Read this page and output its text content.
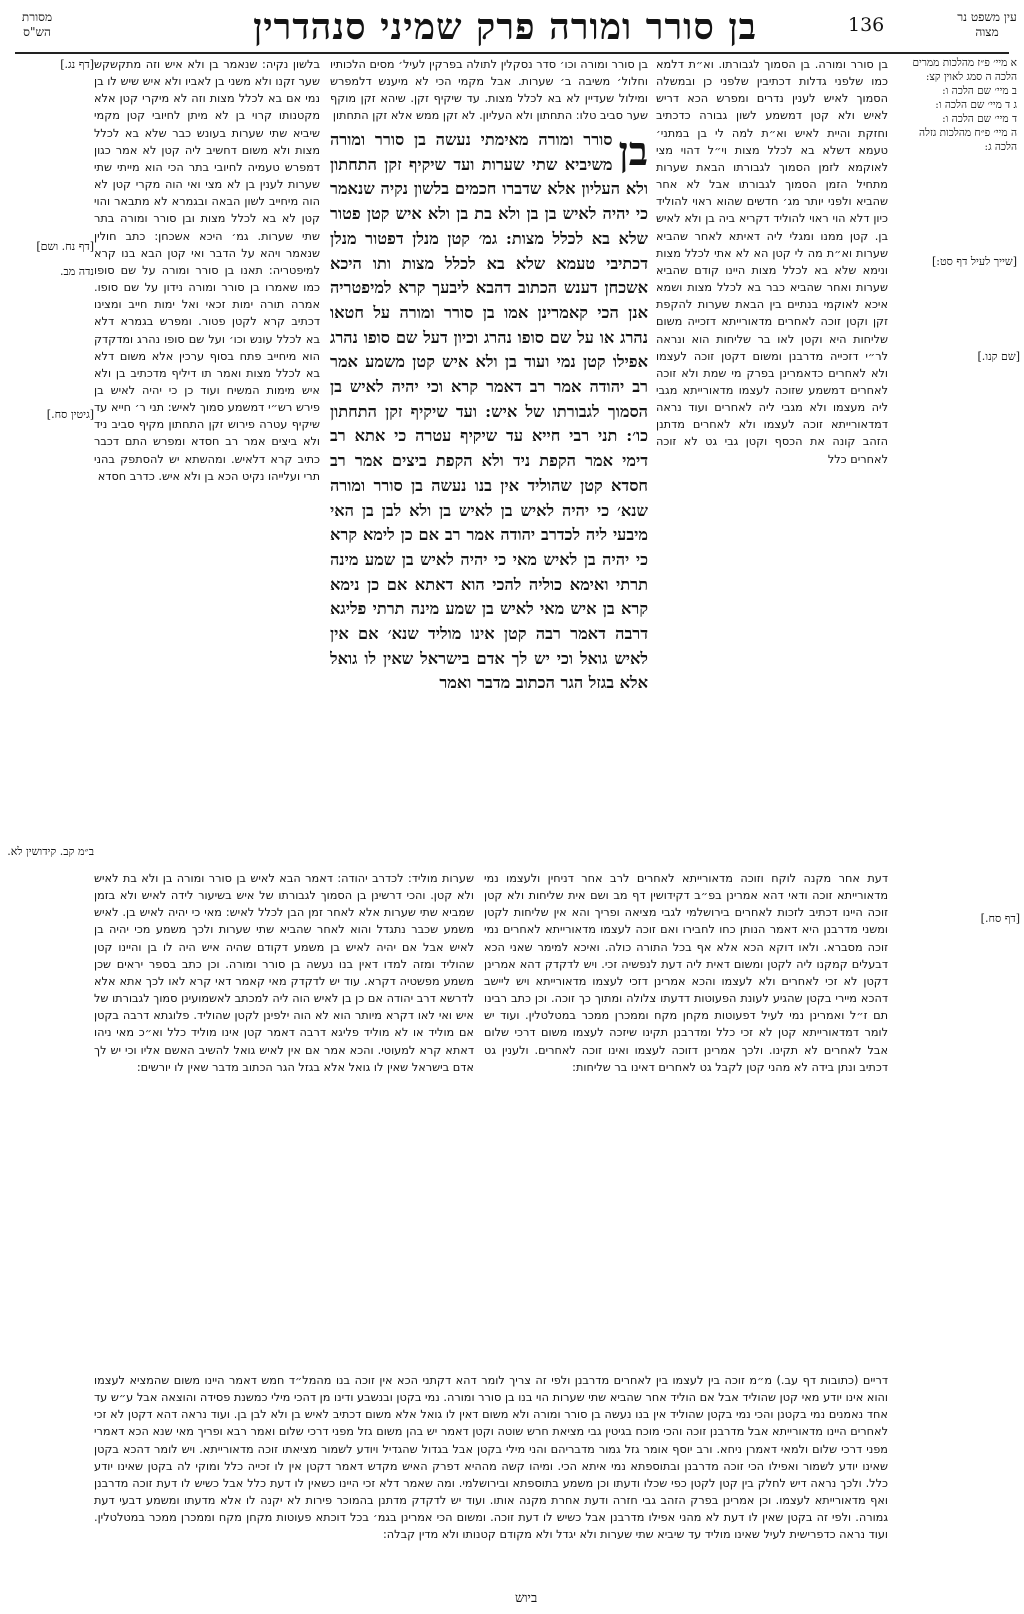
מסורת הש"ס	בן סורר ומורה פרק שמיני סנהדרין	136	עין משפט נר מצוה
א מיי׳ פ״ז מהלכות ממרים הלכה ה סמג לאוין קצ:
ב מיי׳ שם הלכה ו:
ג ד מיי׳ שם הלכה ו:
ד מיי׳ שם הלכה ו:
ה מיי׳ פ״ח מהלכות גזלה הלכה ג:
[שייך לעיל דף סט:]
[דף נג.]
נדה מב.
[גיטין סח.]
ב״מ קב. קידושין לא.
[דף סח.]
[שם קנו.]
[דף נח. ושם]
בן סורר ומורה. בן הסמוך לגבורתו. וא״ת דלמא כמו שלפני גדלות דכתיבין שלפני כן ובמשלה הסמוך לאיש לענין נדרים ומפרש הכא דריש לאיש ולא קטן דמשמע לשון גבורה כדכתיב וחזקת והיית לאיש וא״ת למה לי בן במתני׳ טעמא דשלא בא לכלל מצות וי״ל דהוי מצי לאוקמא לזמן הסמוך לגבורתו הבאת שערות מתחיל הזמן הסמוך לגבורתו אבל לא אחר שהביא ולפני יותר מג׳ חדשים שהוא ראוי להוליד כיון דלא הוי ראוי להוליד דקריא ביה בן ולא לאיש בן. קטן ממנו ומגלי ליה דאיתא לאחר שהביא שערות וא״ת מה לי קטן הא לא אתי לכלל מצות ונימא שלא בא לכלל מצות היינו קודם שהביא שערות ואחר שהביא כבר בא לכלל מצות ושמא איכא לאוקמי בנתיים בין הבאת שערות להקפת זקן וקטן זוכה לאחרים מדאורייתא דזכייה משום שליחות היא וקטן לאו בר שליחות הוא ונראה לר״י דזכייה מדרבנן ומשום דקטן זוכה לעצמו ולא לאחרים כדאמרינן בפרק מי שמת ולא זוכה לאחרים דמשמע שזוכה לעצמו מדאורייתא מגבי ליה מעצמו ולא מגבי ליה לאחרים ועוד נראה דמדאורייתא זוכה לעצמו ולא לאחרים מדתנן הזהב קונה את הכסף וקטן גבי גט לא זוכה לאחרים כלל
בן סורר ומורה וכו׳ סדר נסקלין לתולה בפרקין לעיל׳ מסים הלכותיו וחלול׳ משיבה ב׳ שערות. אבל מקמי הכי לא מיענש דלמפרש ומילול שעדיין לא בא לכלל מצות. עד שיקיף זקן. שיהא זקן מוקף שער סביב טלו: התחתון ולא העליון. לא זקן ממש אלא זקן התחתון
בן
סורר ומורה מאימתי נעשה בן סורר ומורה משיביא שתי שערות ועד שיקיף זקן התחתון ולא העליון אלא שדברו חכמים בלשון נקיה שנאמר כי יהיה לאיש בן בן ולא בת בן ולא איש קטן פטור שלא בא לכלל מצות: גמ׳ קטן מנלן דפטור מנלן דכתיבי טעמא שלא בא לכלל מצות ותו היכא אשכחן דענש הכתוב דהבא ליבעך קרא למיפטריה אנן הכי קאמרינן אמו בן סורר ומורה על חטאו נהרג או על שם סופו נהרג וכיון דעל שם סופו נהרג אפילו קטן נמי ועוד בן ולא איש קטן משמע אמר רב יהודה אמר רב דאמר קרא וכי יהיה לאיש בן הסמוך לגבורתו של איש: ועד שיקיף זקן התחתון כו׳: תני רבי חייא עד שיקיף עטרה כי אתא רב דימי אמר הקפת ניד ולא הקפת ביצים אמר רב חסדא קטן שהוליד אין בנו נעשה בן סורר ומורה שנא׳ כי יהיה לאיש בן לאיש בן ולא לבן בן האי מיבעי ליה לכדרב יהודה אמר רב אם כן לימא קרא כי יהיה בן לאיש מאי כי יהיה לאיש בן שמע מינה תרתי ואימא כוליה להכי הוא דאתא אם כן נימא קרא בן איש מאי לאיש בן שמע מינה תרתי פליגא דרבה דאמר רבה קטן אינו מוליד שנא׳ אם אין לאיש גואל וכי יש לך אדם בישראל שאין לו גואל אלא בגזל הגר הכתוב מדבר ואמר
בלשון נקיה: שנאמר בן ולא איש וזה מתקשקש שער זקנו ולא משני בן לאביו ולא איש שיש לו בן נמי אם בא לכלל מצות וזה לא מיקרי קטן אלא מקטנותו קרוי בן לא מיתן לחיובי קטן מקמי שיביא שתי שערות בעונש כבר שלא בא לכלל מצות ולא משום דחשיב ליה קטן לא אמר כגון דמפרש טעמיה לחיובי בתר הכי הוא מייתי שתי שערות לענין בן לא מצי ואי הוה מקרי קטן לא הוה מיחייב לשון הבאה ובגמרא לא מתבאר והוי קטן לא בא לכלל מצות ובן סורר ומורה בתר שתי שערות. גמ׳ היכא אשכחן: כתב חולין שנאמר ויהא על הדבר ואי קטן הבא בנו קרא למיפטריה: תאנו בן סורר ומורה על שם סופו כמו שאמרו בן סורר ומורה נידון על שם סופו. אמרה תורה ימות זכאי ואל ימות חייב ומצינו דכתיב קרא לקטן פטור. ומפרש בגמרא דלא בא לכלל עונש וכו׳ ועל שם סופו נהרג ומדקדק הוא מיחייב פתח בסוף ערכין אלא משום דלא בא לכלל מצות ואמר תו דיליף מדכתיב בן ולא איש מימות המשיח ועוד כן כי יהיה לאיש בן פירש רש״י דמשמע סמוך לאיש: תני ר׳ חייא עד שיקיף עטרה פירוש זקן התחתון מקיף סביב ניד ולא ביצים אמר רב חסדא ומפרש התם דכבר כתיב קרא דלאיש. ומהשתא יש להסתפק בהני תרי ועלייהו נקיט הכא בן ולא איש. כדרב חסדא
דעת אחר מקנה לוקח וזוכה מדאורייתא לאחרים לרב אחר דניחין ולעצמו נמי מדאורייתא זוכה ודאי דהא אמרינן בפ״ב דקידושין דף מב ושם אית שליחות ולא קטן זוכה היינו דכתיב לזכות לאחרים בירושלמי לגבי מציאה ופריך והא אין שליחות לקטן ומשני מדרבנן היא דאמר הנותן כחו לחבירו ואם זוכה לעצמו מדאורייתא לאחרים נמי זוכה מסברא. ולאו דוקא הכא אלא אף בכל התורה כולה. ואיכא למימר שאני הכא דבעלים קמקנו ליה לקטן ומשום דאית ליה דעת לנפשיה זכי. ויש לדקדק דהא אמרינן דקטן לא זכי לאחרים ולא לעצמו והכא אמרינן דזכי לעצמו מדאורייתא ויש ליישב דהכא מיירי בקטן שהגיע לעונת הפעוטות דדעתו צלולה ומתוך כך זוכה. וכן כתב רבינו תם ז״ל ואמרינן נמי לעיל דפעוטות מקחן מקח וממכרן ממכר במטלטלין. ועוד יש לומר דמדאורייתא קטן לא זכי כלל ומדרבנן תקינו שיזכה לעצמו משום דרכי שלום אבל לאחרים לא תקינו. ולכך אמרינן דזוכה לעצמו ואינו זוכה לאחרים. ולענין גט דכתיב ונתן בידה לא מהני קטן לקבל גט לאחרים דאינו בר שליחות:
שערות מוליד: לכדרב יהודה: דאמר הבא לאיש בן סורר ומורה בן ולא בת לאיש ולא קטן. והכי דרשינן בן הסמוך לגבורתו של איש בשיעור לידה לאיש ולא בזמן שמביא שתי שערות אלא לאחר זמן הבן לכלל לאיש: מאי כי יהיה לאיש בן. לאיש משמע שכבר נתגדל והוא לאחר שהביא שתי שערות ולכך משמע מכי יהיה בן לאיש אבל אם יהיה לאיש בן משמע דקודם שהיה איש היה לו בן והיינו קטן שהוליד ומזה למדו דאין בנו נעשה בן סורר ומורה. וכן כתב בספר יראים שכן משמע מפשטיה דקרא. עוד יש לדקדק מאי קאמר דאי קרא לאו לכך אתא אלא לדרשא דרב יהודה אם כן בן לאיש הוה ליה למכתב לאשמועינן סמוך לגבורתו של איש ואי לאו דקרא מיותר הוא לא הוה ילפינן לקטן שהוליד. פלוגתא דרבה בקטן אם מוליד או לא מוליד פליגא דרבה דאמר קטן אינו מוליד כלל וא״כ מאי ניהו דאתא קרא למעוטי. והכא אמר אם אין לאיש גואל להשיב האשם אליו וכי יש לך אדם בישראל שאין לו גואל אלא בגזל הגר הכתוב מדבר שאין לו יורשים:
דריים (כתובות דף עב.) מ״מ זוכה בין לעצמו בין לאחרים מדרבנן ולפי זה צריך לומר דהא דקתני הכא אין זוכה בנו מהמל״ד חמש דאמר היינו משום שהמציא לעצמו והוא אינו יודע מאי קטן שהוליד אבל אם הוליד אחר שהביא שתי שערות הוי בנו בן סורר ומורה. נמי בקטן ובנשבע ודינו מן דהכי מילי כמשנת פסידה והוצאה אבל ע״ש עד אחד נאמנים נמי בקטנן והכי נמי בקטן שהוליד אין בנו נעשה בן סורר ומורה ולא משום דאין לו גואל אלא משום דכתיב לאיש בן ולא לבן בן. ועוד נראה דהא דקטן לא זכי לאחרים היינו מדאורייתא אבל מדרבנן זוכה והכי מוכח בגיטין גבי מציאת חרש שוטה וקטן דאמר יש בהן משום גזל מפני דרכי שלום ואמר רבא ופריך מאי שנא הכא דאמרי מפני דרכי שלום ולמאי דאמרן ניחא. ורב יוסף אומר גזל גמור מדבריהם והני מילי בקטן אבל בגדול שהגדיל ויודע לשמור מציאתו זוכה מדאורייתא. ויש לומר דהכא בקטן שאינו יודע לשמור ואפילו הכי זוכה מדרבנן ובתוספתא נמי איתא הכי. ומיהו קשה מההיא דפרק האיש מקדש דאמר דקטן אין לו זכייה כלל ומוקי לה בקטן שאינו יודע כלל. ולכך נראה דיש לחלק בין קטן לקטן כפי שכלו ודעתו וכן משמע בתוספתא ובירושלמי. ומה שאמר דלא זכי היינו כשאין לו דעת כלל אבל כשיש לו דעת זוכה מדרבנן ואף מדאורייתא לעצמו. וכן אמרינן בפרק הזהב גבי חזרה ודעת אחרת מקנה אותו. ועוד יש לדקדק מדתנן בהמוכר פירות לא יקנה לו אלא מדעתו ומשמע דבעי דעת גמורה. ולפי זה בקטן שאין לו דעת לא מהני אפילו מדרבנן אבל כשיש לו דעת זוכה. ומשום הכי אמרינן בגמ׳ בכל דוכתא פעוטות מקחן מקח וממכרן ממכר במטלטלין. ועוד נראה כדפרישית לעיל שאינו מוליד עד שיביא שתי שערות ולא יגדל ולא מקודם קטנותו ולא מדין קבלה:
ביוש
